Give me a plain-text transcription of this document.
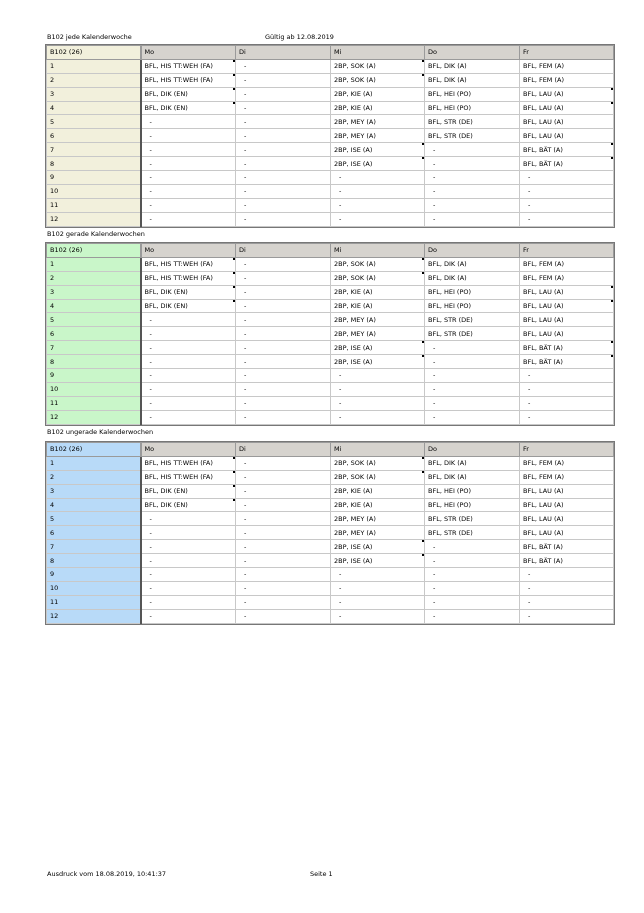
B102 jede Kalenderwoche	Gültig ab 12.08.2019
B102 (26)	Mo	Di	Mi	Do	Fr
1	BFL, HIS TT:WEH (FA)	-	2BP, SOK (A)	BFL, DIK (A)	BFL, FEM (A)
2	BFL, HIS TT:WEH (FA)	-	2BP, SOK (A)	BFL, DIK (A)	BFL, FEM (A)
3	BFL, DIK (EN)	-	2BP, KIE (A)	BFL, HEI (PO)	BFL, LAU (A)

4	BFL, DIK (EN)	-	2BP, KIE (A)	BFL, HEI (PO)	BFL, LAU (A)

5	-	-	2BP, MEY (A)	BFL, STR (DE)	BFL, LAU (A)
6	-	-	2BP, MEY (A)	BFL, STR (DE)	BFL, LAU (A)
7	-	-	2BP, ISE (A)	-	BFL, BÄT (A)

8	-	-	2BP, ISE (A)	-	BFL, BÄT (A)

9	-	-	-	-	-
10	-	-	-	-	-
11	-	-	-	-	-
12	-	-	-	-	-
B102 gerade Kalenderwochen
B102 (26)	Mo	Di	Mi	Do	Fr
1	BFL, HIS TT:WEH (FA)	-	2BP, SOK (A)	BFL, DIK (A)	BFL, FEM (A)
2	BFL, HIS TT:WEH (FA)	-	2BP, SOK (A)	BFL, DIK (A)	BFL, FEM (A)
3	BFL, DIK (EN)	-	2BP, KIE (A)	BFL, HEI (PO)	BFL, LAU (A)

4	BFL, DIK (EN)	-	2BP, KIE (A)	BFL, HEI (PO)	BFL, LAU (A)

5	-	-	2BP, MEY (A)	BFL, STR (DE)	BFL, LAU (A)
6	-	-	2BP, MEY (A)	BFL, STR (DE)	BFL, LAU (A)
7	-	-	2BP, ISE (A)	-	BFL, BÄT (A)

8	-	-	2BP, ISE (A)	-	BFL, BÄT (A)

9	-	-	-	-	-
10	-	-	-	-	-
11	-	-	-	-	-
12	-	-	-	-	-
B102 ungerade Kalenderwochen
B102 (26)	Mo	Di	Mi	Do	Fr
1	BFL, HIS TT:WEH (FA)	-	2BP, SOK (A)	BFL, DIK (A)	BFL, FEM (A)
2	BFL, HIS TT:WEH (FA)	-	2BP, SOK (A)	BFL, DIK (A)	BFL, FEM (A)
3	BFL, DIK (EN)	-	2BP, KIE (A)	BFL, HEI (PO)	BFL, LAU (A)
4	BFL, DIK (EN)	-	2BP, KIE (A)	BFL, HEI (PO)	BFL, LAU (A)
5	-	-	2BP, MEY (A)	BFL, STR (DE)	BFL, LAU (A)
6	-	-	2BP, MEY (A)	BFL, STR (DE)	BFL, LAU (A)
7	-	-	2BP, ISE (A)	-	BFL, BÄT (A)
8	-	-	2BP, ISE (A)	-	BFL, BÄT (A)
9	-	-	-	-	-
10	-	-	-	-	-
11	-	-	-	-	-
12	-	-	-	-	-
Ausdruck vom 18.08.2019, 10:41:37	Seite 1
